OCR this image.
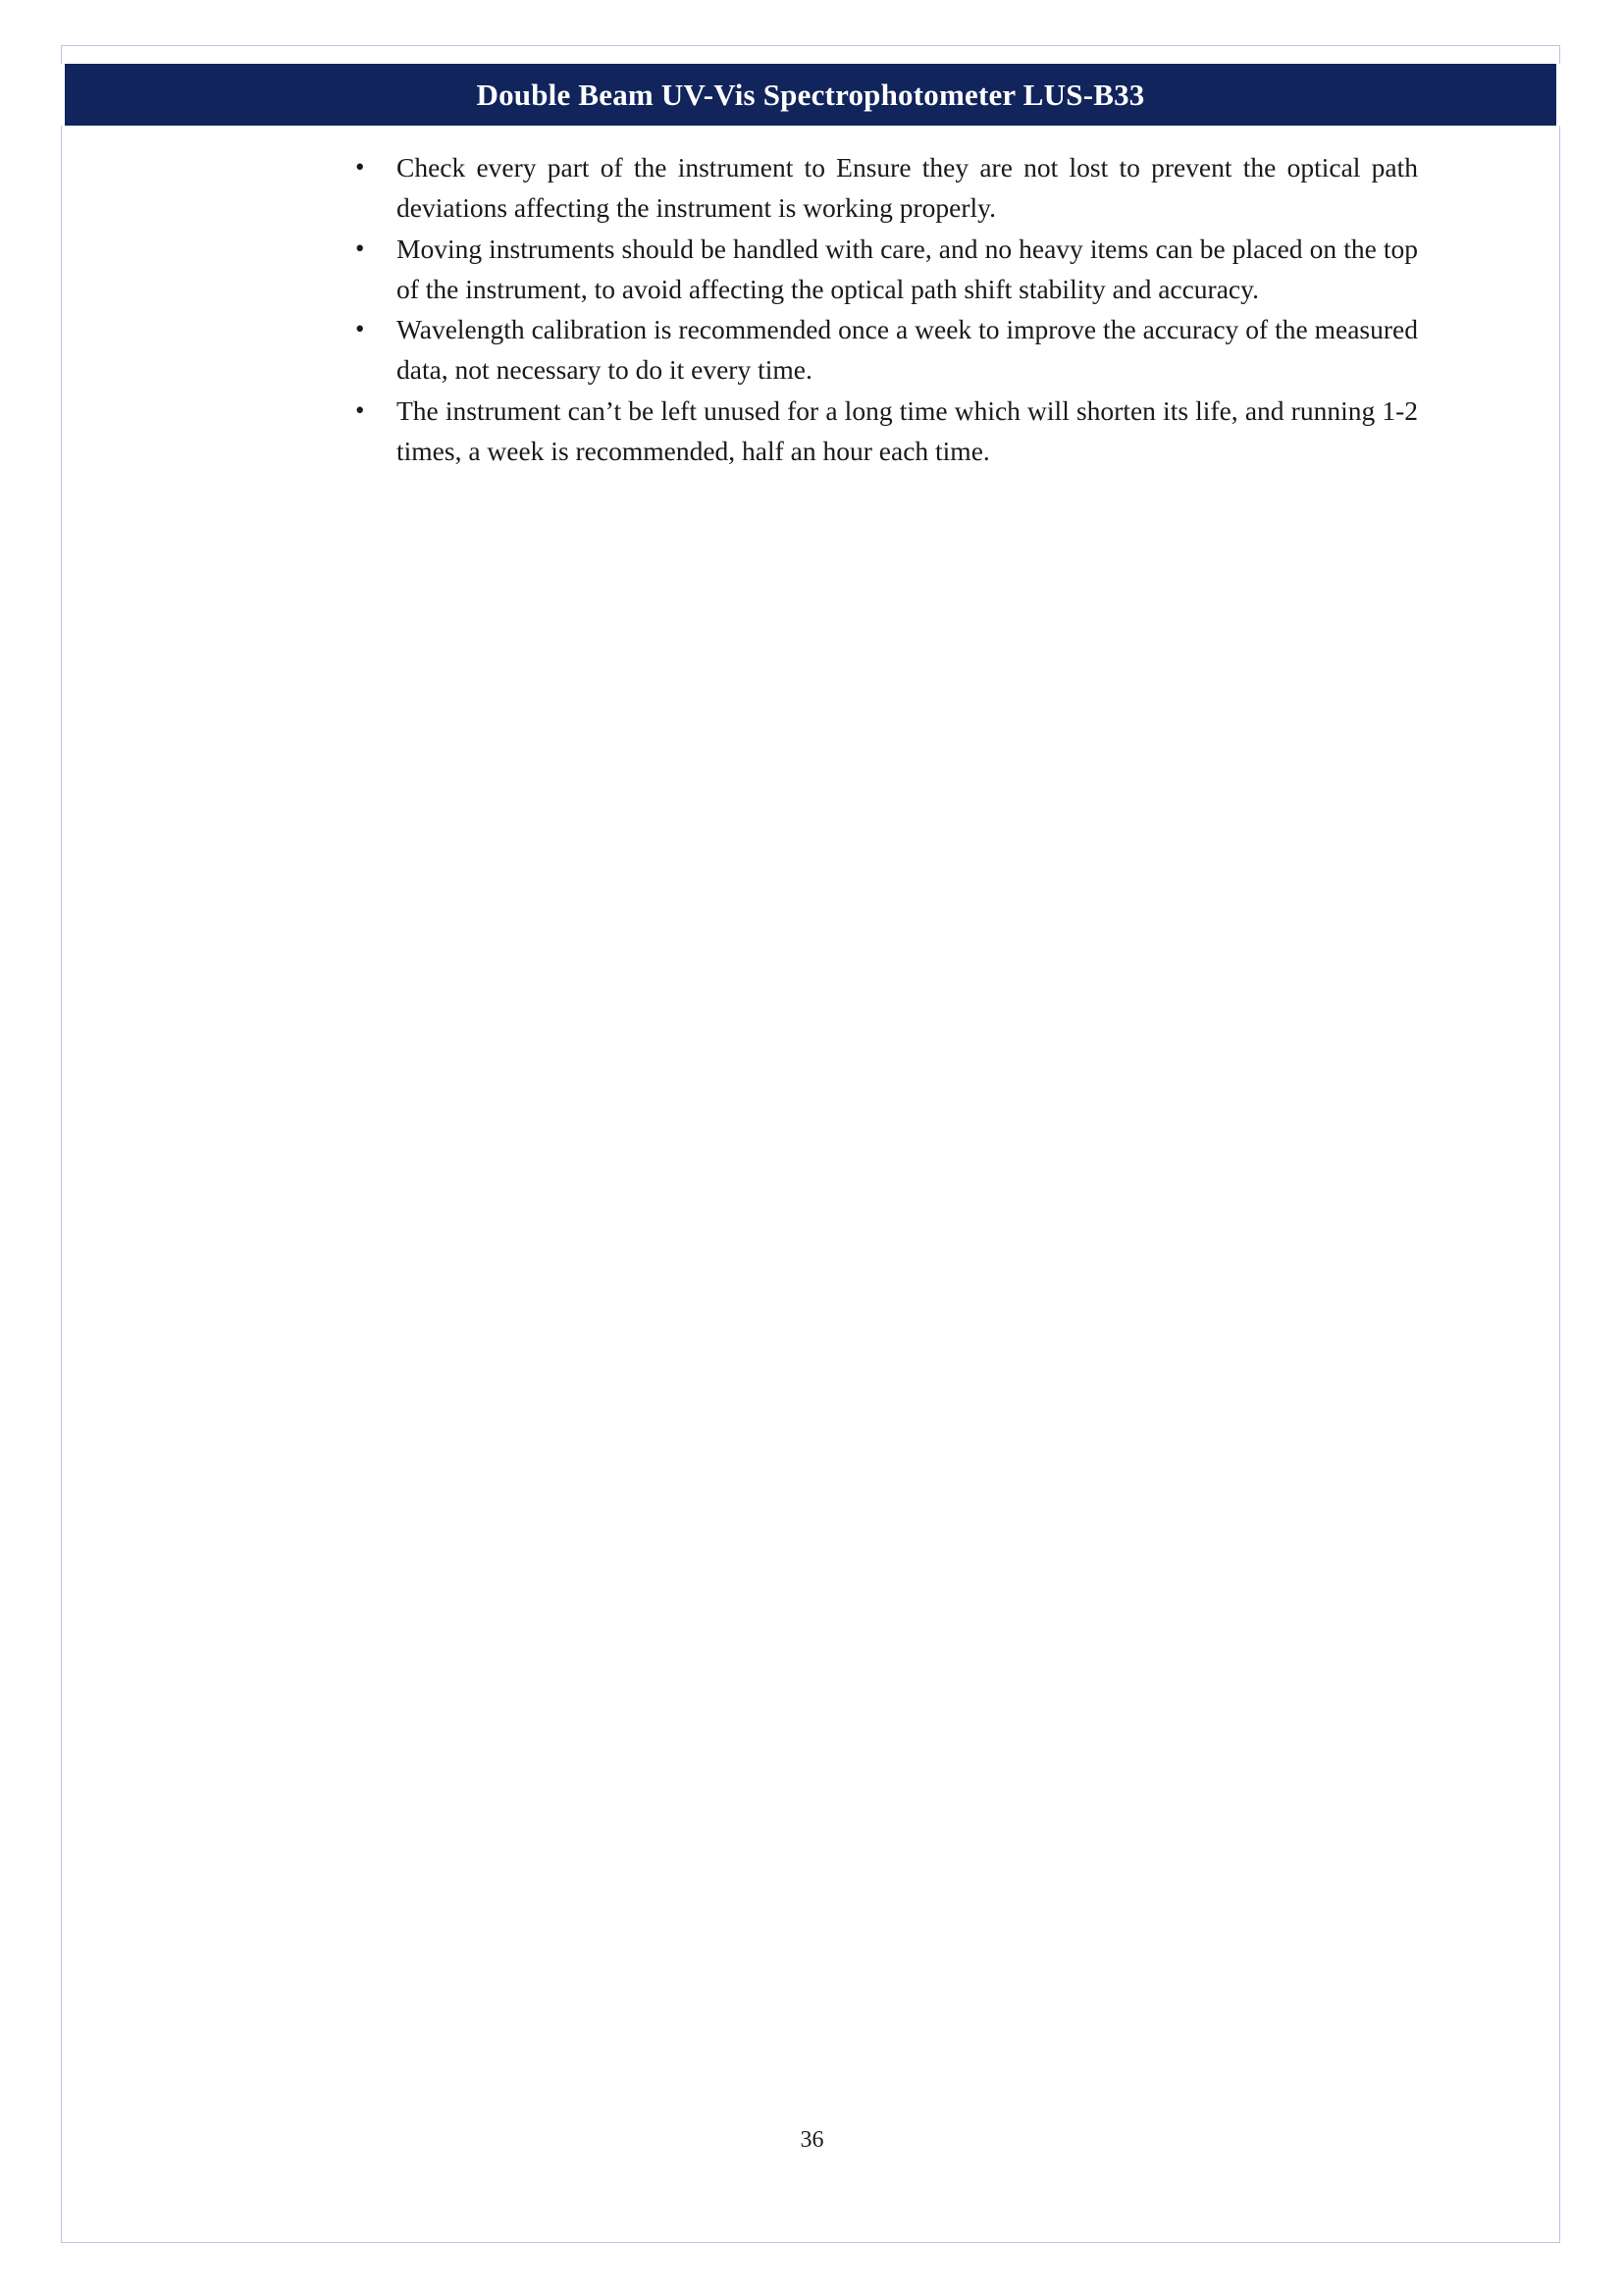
Double Beam UV-Vis Spectrophotometer LUS-B33
• Check every part of the instrument to Ensure they are not lost to prevent the optical path deviations affecting the instrument is working properly.
• Moving instruments should be handled with care, and no heavy items can be placed on the top of the instrument, to avoid affecting the optical path shift stability and accuracy.
• Wavelength calibration is recommended once a week to improve the accuracy of the measured data, not necessary to do it every time.
• The instrument can’t be left unused for a long time which will shorten its life, and running 1-2 times, a week is recommended, half an hour each time.
36
